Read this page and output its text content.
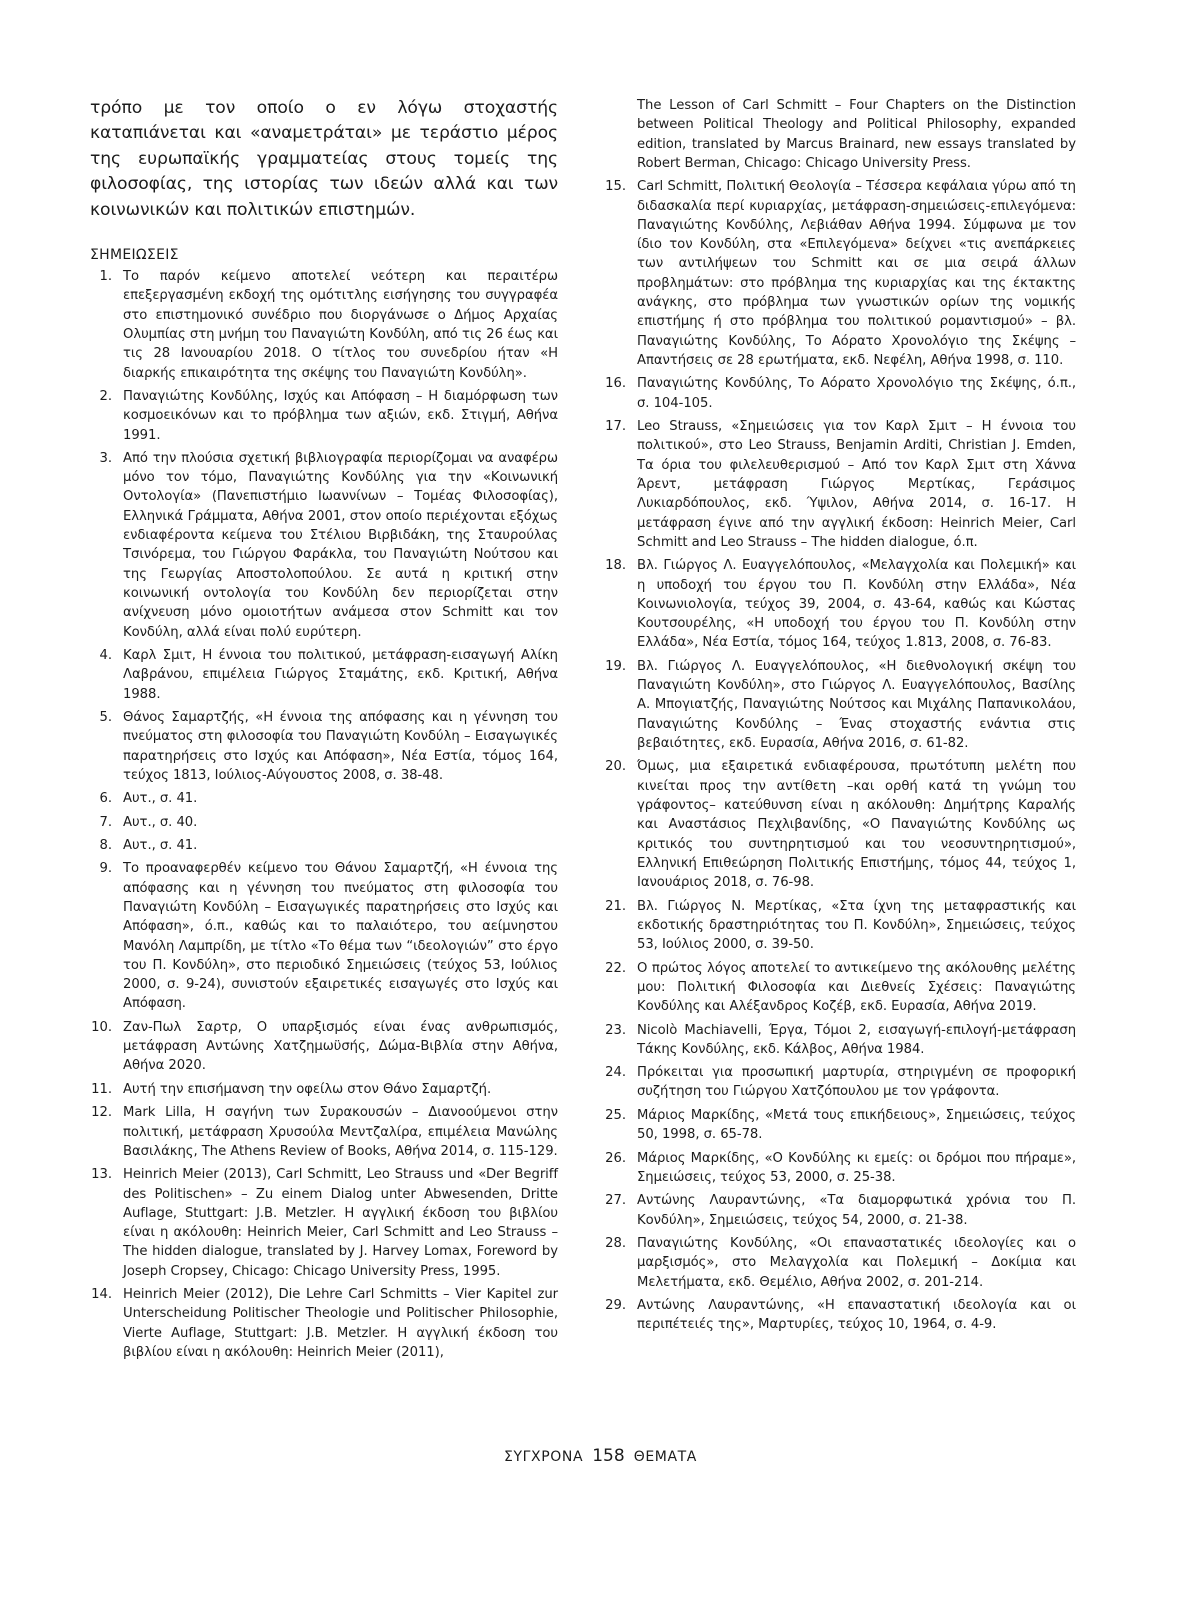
τρόπο με τον οποίο ο εν λόγω στοχαστής καταπιάνεται και «αναμετράται» με τεράστιο μέρος της ευρωπαϊκής γραμματείας στους τομείς της φιλοσοφίας, της ιστορίας των ιδεών αλλά και των κοινωνικών και πολιτικών επιστημών.

ΣΗΜΕΙΩΣΕΙΣ
1. Το παρόν κείμενο αποτελεί νεότερη και περαιτέρω επεξεργασμένη εκδοχή της ομότιτλης εισήγησης του συγγραφέα στο επιστημονικό συνέδριο που διοργάνωσε ο Δήμος Αρχαίας Ολυμπίας στη μνήμη του Παναγιώτη Κονδύλη, από τις 26 έως και τις 28 Ιανουαρίου 2018. Ο τίτλος του συνεδρίου ήταν «Η διαρκής επικαιρότητα της σκέψης του Παναγιώτη Κονδύλη».
2. Παναγιώτης Κονδύλης, Ισχύς και Απόφαση – Η διαμόρφωση των κοσμοεικόνων και το πρόβλημα των αξιών, εκδ. Στιγμή, Αθήνα 1991.
3. Από την πλούσια σχετική βιβλιογραφία περιορίζομαι να αναφέρω μόνο τον τόμο, Παναγιώτης Κονδύλης για την «Κοινωνική Οντολογία» (Πανεπιστήμιο Ιωαννίνων – Τομέας Φιλοσοφίας), Ελληνικά Γράμματα, Αθήνα 2001, στον οποίο περιέχονται εξόχως ενδιαφέροντα κείμενα του Στέλιου Βιρβιδάκη, της Σταυρούλας Τσινόρεμα, του Γιώργου Φαράκλα, του Παναγιώτη Νούτσου και της Γεωργίας Αποστολοπούλου. Σε αυτά η κριτική στην κοινωνική οντολογία του Κονδύλη δεν περιορίζεται στην ανίχνευση μόνο ομοιοτήτων ανάμεσα στον Schmitt και τον Κονδύλη, αλλά είναι πολύ ευρύτερη.
4. Καρλ Σμιτ, Η έννοια του πολιτικού, μετάφραση-εισαγωγή Αλίκη Λαβράνου, επιμέλεια Γιώργος Σταμάτης, εκδ. Κριτική, Αθήνα 1988.
5. Θάνος Σαμαρτζής, «Η έννοια της απόφασης και η γέννηση του πνεύματος στη φιλοσοφία του Παναγιώτη Κονδύλη – Εισαγωγικές παρατηρήσεις στο Ισχύς και Απόφαση», Νέα Εστία, τόμος 164, τεύχος 1813, Ιούλιος-Αύγουστος 2008, σ. 38-48.
6. Αυτ., σ. 41.
7. Αυτ., σ. 40.
8. Αυτ., σ. 41.
9. Το προαναφερθέν κείμενο του Θάνου Σαμαρτζή, «Η έννοια της απόφασης και η γέννηση του πνεύματος στη φιλοσοφία του Παναγιώτη Κονδύλη – Εισαγωγικές παρατηρήσεις στο Ισχύς και Απόφαση», ό.π., καθώς και το παλαιότερο, του αείμνηστου Μανόλη Λαμπρίδη, με τίτλο «Το θέμα των “ιδεολογιών” στο έργο του Π. Κονδύλη», στο περιοδικό Σημειώσεις (τεύχος 53, Ιούλιος 2000, σ. 9-24), συνιστούν εξαιρετικές εισαγωγές στο Ισχύς και Απόφαση.
10. Ζαν-Πωλ Σαρτρ, Ο υπαρξισμός είναι ένας ανθρωπισμός, μετάφραση Αντώνης Χατζημωϋσής, Δώμα-Βιβλία στην Αθήνα, Αθήνα 2020.
11. Αυτή την επισήμανση την οφείλω στον Θάνο Σαμαρτζή.
12. Mark Lilla, Η σαγήνη των Συρακουσών – Διανοούμενοι στην πολιτική, μετάφραση Χρυσούλα Μεντζαλίρα, επιμέλεια Μανώλης Βασιλάκης, The Athens Review of Books, Αθήνα 2014, σ. 115-129.
13. Heinrich Meier (2013), Carl Schmitt, Leo Strauss und «Der Begriff des Politischen» – Zu einem Dialog unter Abwesenden, Dritte Auflage, Stuttgart: J.B. Metzler. Η αγγλική έκδοση του βιβλίου είναι η ακόλουθη: Heinrich Meier, Carl Schmitt and Leo Strauss – The hidden dialogue, translated by J. Harvey Lomax, Foreword by Joseph Cropsey, Chicago: Chicago University Press, 1995.
14. Heinrich Meier (2012), Die Lehre Carl Schmitts – Vier Kapitel zur Unterscheidung Politischer Theologie und Politischer Philosophie, Vierte Auflage, Stuttgart: J.B. Metzler. Η αγγλική έκδοση του βιβλίου είναι η ακόλουθη: Heinrich Meier (2011),
The Lesson of Carl Schmitt – Four Chapters on the Distinction between Political Theology and Political Philosophy, expanded edition, translated by Marcus Brainard, new essays translated by Robert Berman, Chicago: Chicago University Press.
15. Carl Schmitt, Πολιτική Θεολογία – Τέσσερα κεφάλαια γύρω από τη διδασκαλία περί κυριαρχίας, μετάφραση-σημειώσεις-επιλεγόμενα: Παναγιώτης Κονδύλης, Λεβιάθαν Αθήνα 1994. Σύμφωνα με τον ίδιο τον Κονδύλη, στα «Επιλεγόμενα» δείχνει «τις ανεπάρκειες των αντιλήψεων του Schmitt και σε μια σειρά άλλων προβλημάτων: στο πρόβλημα της κυριαρχίας και της έκτακτης ανάγκης, στο πρόβλημα των γνωστικών ορίων της νομικής επιστήμης ή στο πρόβλημα του πολιτικού ρομαντισμού» – βλ. Παναγιώτης Κονδύλης, Το Αόρατο Χρονολόγιο της Σκέψης – Απαντήσεις σε 28 ερωτήματα, εκδ. Νεφέλη, Αθήνα 1998, σ. 110.
16. Παναγιώτης Κονδύλης, Το Αόρατο Χρονολόγιο της Σκέψης, ό.π., σ. 104-105.
17. Leo Strauss, «Σημειώσεις για τον Καρλ Σμιτ – Η έννοια του πολιτικού», στο Leo Strauss, Benjamin Arditi, Christian J. Emden, Τα όρια του φιλελευθερισμού – Από τον Καρλ Σμιτ στη Χάννα Άρεντ, μετάφραση Γιώργος Μερτίκας, Γεράσιμος Λυκιαρδόπουλος, εκδ. Ύψιλον, Αθήνα 2014, σ. 16-17. Η μετάφραση έγινε από την αγγλική έκδοση: Heinrich Meier, Carl Schmitt and Leo Strauss – The hidden dialogue, ό.π.
18. Βλ. Γιώργος Λ. Ευαγγελόπουλος, «Μελαγχολία και Πολεμική» και η υποδοχή του έργου του Π. Κονδύλη στην Ελλάδα», Νέα Κοινωνιολογία, τεύχος 39, 2004, σ. 43-64, καθώς και Κώστας Κουτσουρέλης, «Η υποδοχή του έργου του Π. Κονδύλη στην Ελλάδα», Νέα Εστία, τόμος 164, τεύχος 1.813, 2008, σ. 76-83.
19. Βλ. Γιώργος Λ. Ευαγγελόπουλος, «Η διεθνολογική σκέψη του Παναγιώτη Κονδύλη», στο Γιώργος Λ. Ευαγγελόπουλος, Βασίλης Α. Μπογιατζής, Παναγιώτης Νούτσος και Μιχάλης Παπανικολάου, Παναγιώτης Κονδύλης – Ένας στοχαστής ενάντια στις βεβαιότητες, εκδ. Ευρασία, Αθήνα 2016, σ. 61-82.
20. Όμως, μια εξαιρετικά ενδιαφέρουσα, πρωτότυπη μελέτη που κινείται προς την αντίθετη –και ορθή κατά τη γνώμη του γράφοντος– κατεύθυνση είναι η ακόλουθη: Δημήτρης Καραλής και Αναστάσιος Πεχλιβανίδης, «Ο Παναγιώτης Κονδύλης ως κριτικός του συντηρητισμού και του νεοσυντηρητισμού», Ελληνική Επιθεώρηση Πολιτικής Επιστήμης, τόμος 44, τεύχος 1, Ιανουάριος 2018, σ. 76-98.
21. Βλ. Γιώργος Ν. Μερτίκας, «Στα ίχνη της μεταφραστικής και εκδοτικής δραστηριότητας του Π. Κονδύλη», Σημειώσεις, τεύχος 53, Ιούλιος 2000, σ. 39-50.
22. Ο πρώτος λόγος αποτελεί το αντικείμενο της ακόλουθης μελέτης μου: Πολιτική Φιλοσοφία και Διεθνείς Σχέσεις: Παναγιώτης Κονδύλης και Αλέξανδρος Κοζέβ, εκδ. Ευρασία, Αθήνα 2019.
23. Nicolò Machiavelli, Έργα, Τόμοι 2, εισαγωγή-επιλογή-μετάφραση Τάκης Κονδύλης, εκδ. Κάλβος, Αθήνα 1984.
24. Πρόκειται για προσωπική μαρτυρία, στηριγμένη σε προφορική συζήτηση του Γιώργου Χατζόπουλου με τον γράφοντα.
25. Μάριος Μαρκίδης, «Μετά τους επικήδειους», Σημειώσεις, τεύχος 50, 1998, σ. 65-78.
26. Μάριος Μαρκίδης, «Ο Κονδύλης κι εμείς: οι δρόμοι που πήραμε», Σημειώσεις, τεύχος 53, 2000, σ. 25-38.
27. Αντώνης Λαυραντώνης, «Τα διαμορφωτικά χρόνια του Π. Κονδύλη», Σημειώσεις, τεύχος 54, 2000, σ. 21-38.
28. Παναγιώτης Κονδύλης, «Οι επαναστατικές ιδεολογίες και ο μαρξισμός», στο Μελαγχολία και Πολεμική – Δοκίμια και Μελετήματα, εκδ. Θεμέλιο, Αθήνα 2002, σ. 201-214.
29. Αντώνης Λαυραντώνης, «Η επαναστατική ιδεολογία και οι περιπέτειές της», Μαρτυρίες, τεύχος 10, 1964, σ. 4-9.
ΣΥΓΧΡΟΝΑ 158 ΘΕΜΑΤΑ
